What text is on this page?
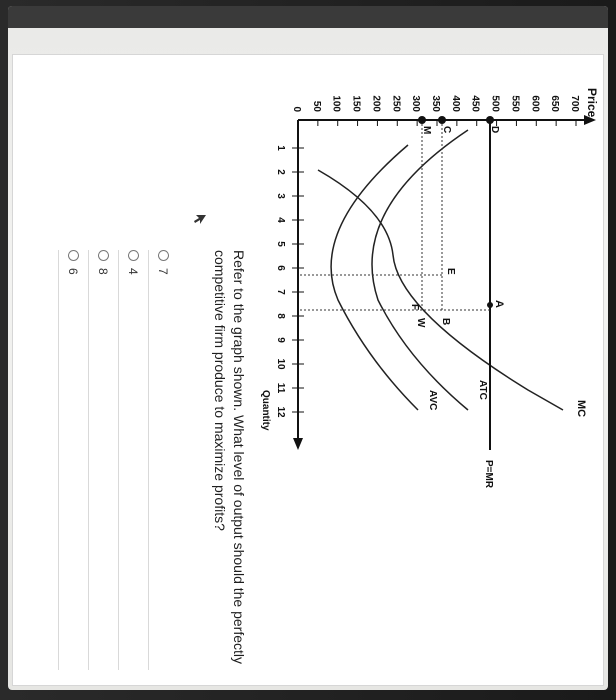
Price
Quantity
700
650
600
550
500
450
400
350
300
250
200
150
100
50
0
1
2
3
4
5
6
7
8
9
10
11
12
A
B
E
W
D
C
M
F
MC
ATC
AVC
P=MR
Refer to the graph shown. What level of output should the perfectly competitive firm produce to maximize profits?
7
4
8
6
